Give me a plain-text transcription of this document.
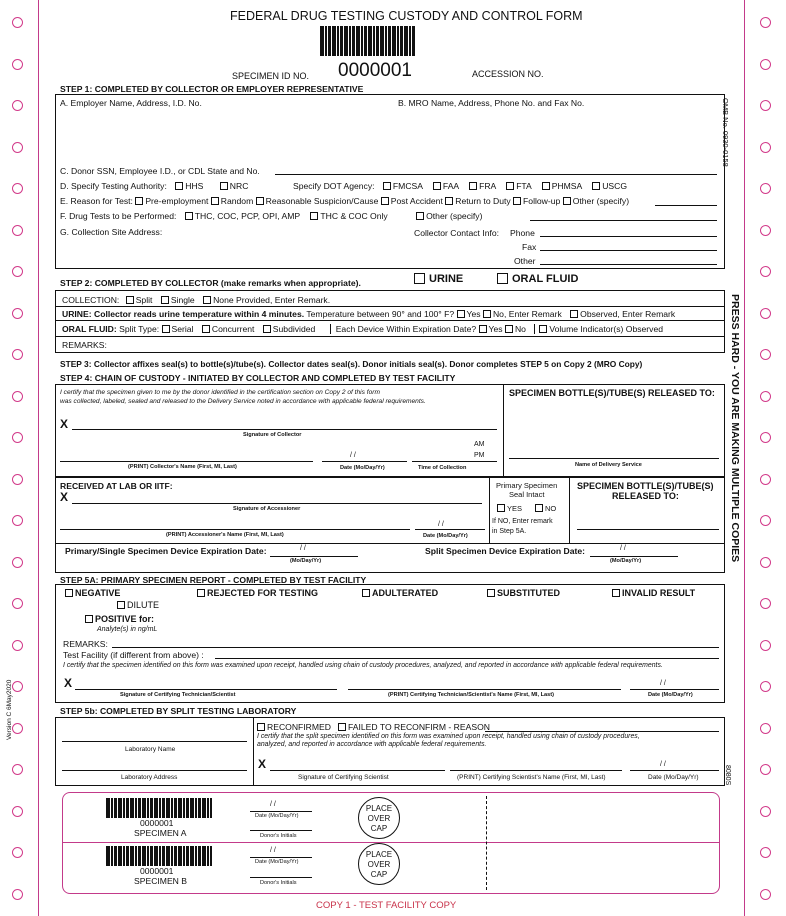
FEDERAL DRUG TESTING CUSTODY AND CONTROL FORM
SPECIMEN ID NO. 0000001	ACCESSION NO.
STEP 1: COMPLETED BY COLLECTOR OR EMPLOYER REPRESENTATIVE
A. Employer Name, Address, I.D. No.	B. MRO Name, Address, Phone No. and Fax No.
C. Donor SSN, Employee I.D., or CDL State and No.
D. Specify Testing Authority: HHS	NRC	Specify DOT Agency: FMCSA FAA FRA FTA PHMSA USCG
E. Reason for Test: Pre-employment Random Reasonable Suspicion/Cause Post Accident Return to Duty Follow-up Other (specify)
F. Drug Tests to be Performed: THC, COC, PCP, OPI, AMP THC & COC Only	Other (specify)
G. Collection Site Address:	Collector Contact Info: Phone
Fax
Other
STEP 2: COMPLETED BY COLLECTOR (make remarks when appropriate).	URINE	ORAL FLUID
COLLECTION: Split Single None Provided, Enter Remark.
URINE: Collector reads urine temperature within 4 minutes. Temperature between 90° and 100° F? Yes No, Enter Remark Observed, Enter Remark
ORAL FLUID: Split Type: Serial Concurrent Subdivided Each Device Within Expiration Date? Yes No	Volume Indicator(s) Observed
REMARKS:
STEP 3: Collector affixes seal(s) to bottle(s)/tube(s). Collector dates seal(s). Donor initials seal(s). Donor completes STEP 5 on Copy 2 (MRO Copy)
STEP 4: CHAIN OF CUSTODY - INITIATED BY COLLECTOR AND COMPLETED BY TEST FACILITY
I certify that the specimen given to me by the donor identified in the certification section on Copy 2 of this form
was collected, labeled, sealed and released to the Delivery Service noted in accordance with applicable federal requirements.
X
Signature of Collector
AM
PM
/ /
(PRINT) Collector's Name (First, MI, Last)	Date (Mo/Day/Yr)	Time of Collection
SPECIMEN BOTTLE(S)/TUBE(S) RELEASED TO:
Name of Delivery Service
RECEIVED AT LAB OR IITF:
X
Signature of Accessioner
/ /
(PRINT) Accessioner's Name (First, MI, Last)	Date (Mo/Day/Yr)
Primary Specimen
Seal Intact
YES	NO
If NO, Enter remark
in Step 5A.
SPECIMEN BOTTLE(S)/TUBE(S)
RELEASED TO:
Primary/Single Specimen Device Expiration Date:	/ /
(Mo/Day/Yr)
Split Specimen Device Expiration Date:	/ /
(Mo/Day/Yr)
STEP 5A: PRIMARY SPECIMEN REPORT - COMPLETED BY TEST FACILITY
NEGATIVE
DILUTE
REJECTED FOR TESTING	ADULTERATED	SUBSTITUTED	INVALID RESULT
POSITIVE for:
Analyte(s) in ng/mL
REMARKS:
Test Facility (if different from above) :
I certify that the specimen identified on this form was examined upon receipt, handled using chain of custody procedures, analyzed, and reported in accordance with applicable federal requirements.
X	/ /
Signature of Certifying Technician/Scientist	(PRINT) Certifying Technician/Scientist's Name (First, MI, Last)	Date (Mo/Day/Yr)
STEP 5b: COMPLETED BY SPLIT TESTING LABORATORY
RECONFIRMED	FAILED TO RECONFIRM - REASON
I certify that the split specimen identified on this form was examined upon receipt, handled using chain of custody procedures,
analyzed, and reported in accordance with applicable federal requirements.
Laboratory Name
Laboratory Address
X	/ /
Signature of Certifying Scientist	(PRINT) Certifying Scientist's Name (First, MI, Last)	Date (Mo/Day/Yr)
0000001
SPECIMEN A
/ /
Date (Mo/Day/Yr)
Donor's Initials
PLACE
OVER
CAP
0000001
SPECIMEN B
/ /
Date (Mo/Day/Yr)
Donor's Initials
PLACE
OVER
CAP
COPY 1 - TEST FACILITY COPY
OMB No. 0930-0158
PRESS HARD - YOU ARE MAKING MULTIPLE COPIES
Version C 6May2020
8080S
